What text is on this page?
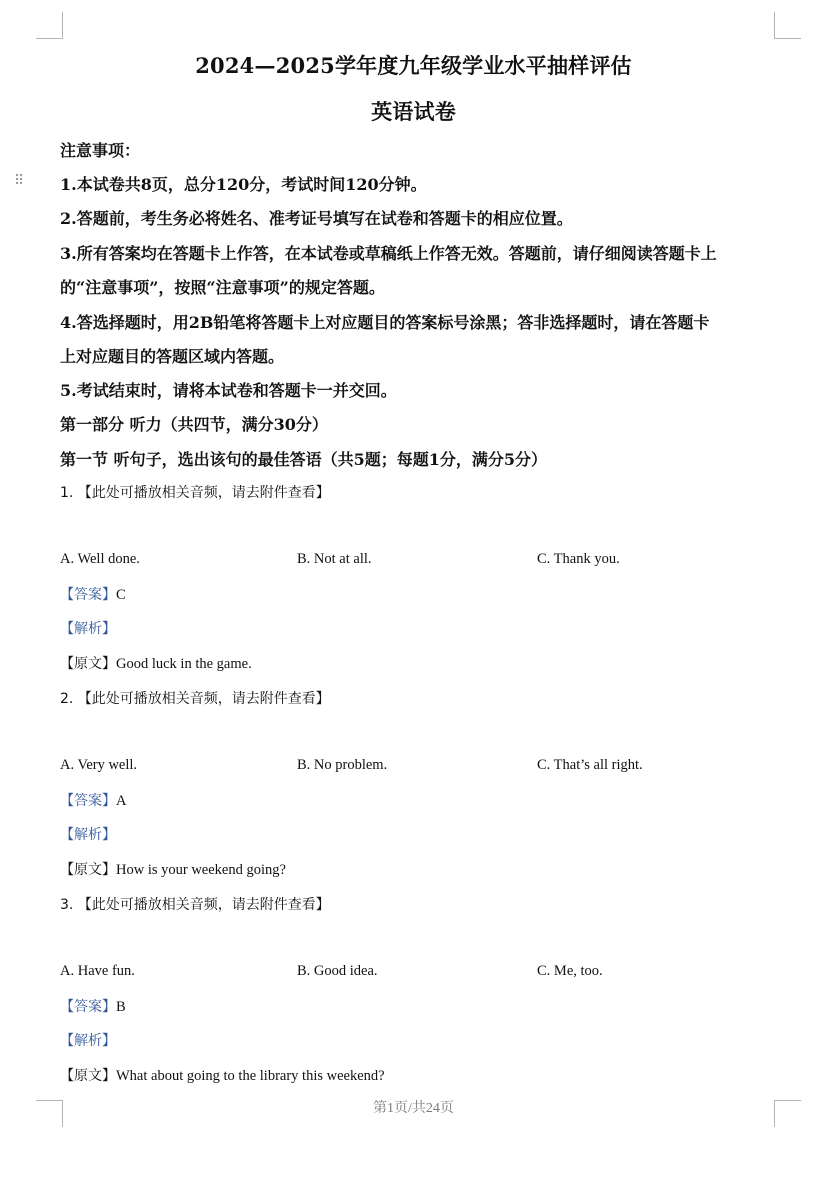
⠿
2024—2025学年度九年级学业水平抽样评估
英语试卷
注意事项：
1.本试卷共8页，总分120分，考试时间120分钟。
2.答题前，考生务必将姓名、准考证号填写在试卷和答题卡的相应位置。
3.所有答案均在答题卡上作答，在本试卷或草稿纸上作答无效。答题前，请仔细阅读答题卡上
的“注意事项”，按照“注意事项”的规定答题。
4.答选择题时，用2B铅笔将答题卡上对应题目的答案标号涂黑；答非选择题时，请在答题卡
上对应题目的答题区域内答题。
5.考试结束时，请将本试卷和答题卡一并交回。
第一部分 听力（共四节，满分30分）
第一节 听句子，选出该句的最佳答语（共5题；每题1分，满分5分）
1. 【此处可播放相关音频，请去附件查看】
A. Well done.	B. Not at all.	C. Thank you.
【答案】C
【解析】
【原文】Good luck in the game.
2. 【此处可播放相关音频，请去附件查看】
A. Very well.	B. No problem.	C. That’s all right.
【答案】A
【解析】
【原文】How is your weekend going?
3. 【此处可播放相关音频，请去附件查看】
A. Have fun.	B. Good idea.	C. Me, too.
【答案】B
【解析】
【原文】What about going to the library this weekend?
第1页/共24页
